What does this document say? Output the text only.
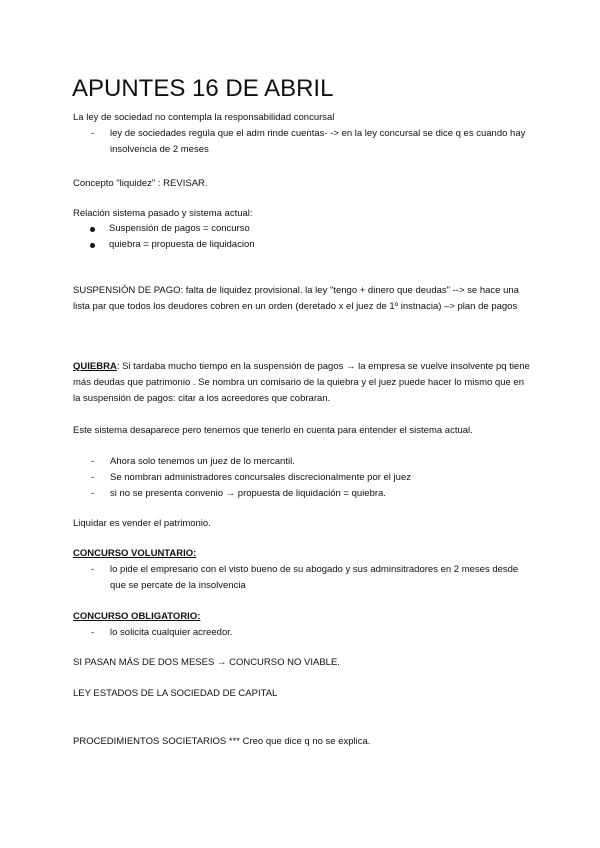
APUNTES 16 DE ABRIL
La ley de sociedad no contempla la responsabilidad concursal
- ley de sociedades regula que el adm rinde cuentas- -> en la ley concursal se dice q es cuando hay insolvencia de 2 meses
Concepto "liquidez" : REVISAR.
Relación sistema pasado y sistema actual:
Suspensión de pagos = concurso
quiebra = propuesta de liquidacion
SUSPENSIÓN DE PAGO: falta de liquidez provisional. la ley "tengo + dinero que deudas" --> se hace una lista par que todos los deudores cobren en un orden (deretado x el juez de 1º instnacia) –> plan de pagos
QUIEBRA: Si tardaba mucho tiempo en la suspensión de pagos → la empresa se vuelve insolvente pq tiene más deudas que patrimonio . Se nombra un comisario de la quiebra y el juez puede hacer lo mismo que en la suspensión de pagos: citar a los acreedores que cobraran.
Este sistema desaparece pero tenemos que tenerlo en cuenta para entender el sistema actual.
- Ahora solo tenemos un juez de lo mercantil.
- Se nombran administradores concursales discrecionalmente por el juez
- si no se presenta convenio → propuesta de liquidación = quiebra.
Liquidar es vender el patrimonio.
CONCURSO VOLUNTARIO:
- lo pide el empresario con el visto bueno de su abogado y sus adminsitradores en 2 meses desde que se percate de la insolvencia
CONCURSO OBLIGATORIO:
- lo solicita cualquier acreedor.
SI PASAN MÁS DE DOS MESES → CONCURSO NO VIABLE.
LEY ESTADOS DE LA SOCIEDAD DE CAPITAL
PROCEDIMIENTOS SOCIETARIOS *** Creo que dice q no se explica.
